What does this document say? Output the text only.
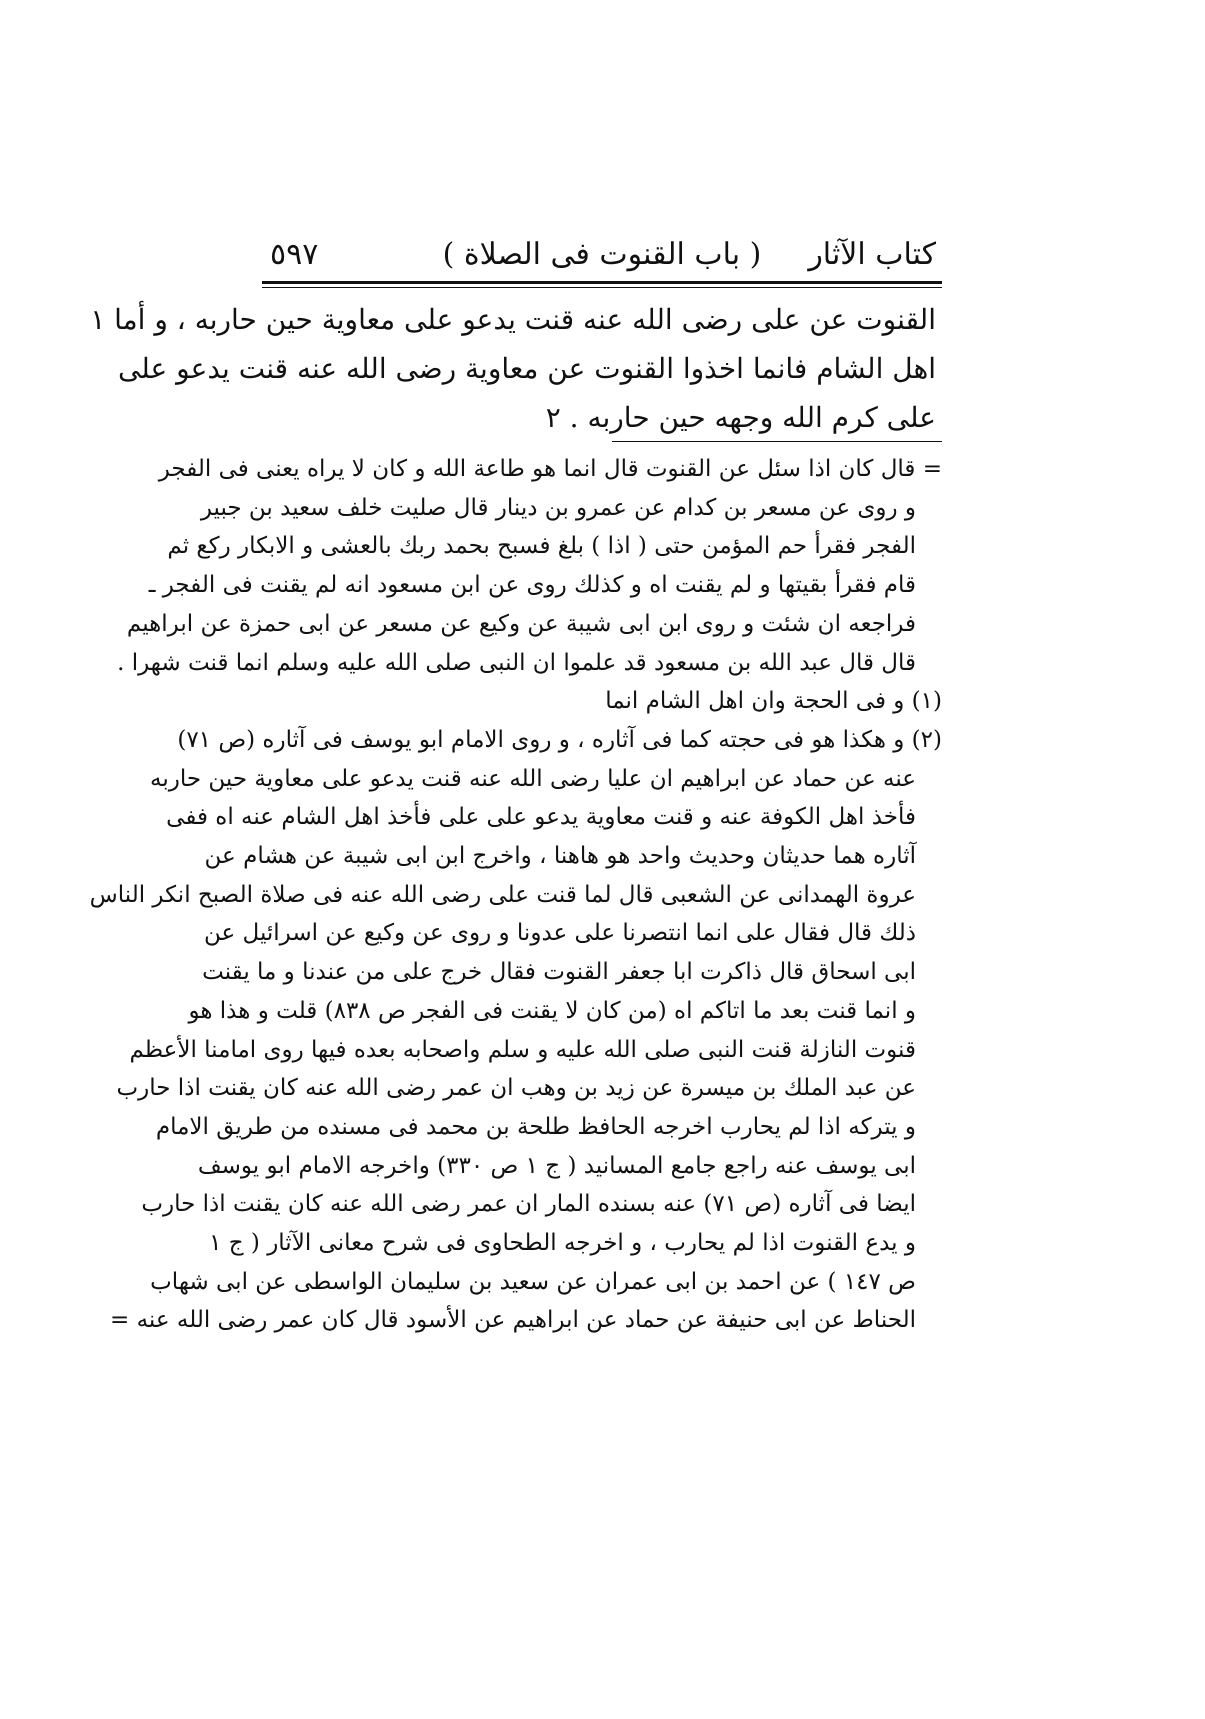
كتاب الآثار
( باب القنوت فى الصلاة )
٥٩٧
القنوت عن على رضى الله عنه قنت يدعو على معاوية حين حاربه ، و أما ١
اهل الشام فانما اخذوا القنوت عن معاوية رضى الله عنه قنت يدعو على
على كرم الله وجهه حين حاربه . ٢
= قال كان اذا سئل عن القنوت قال انما هو طاعة الله و كان لا يراه يعنى فى الفجر
و روى عن مسعر بن كدام عن عمرو بن دينار قال صليت خلف سعيد بن جبير
الفجر فقرأ حم المؤمن حتى ( اذا ) بلغ فسبح بحمد ربك بالعشى و الابكار ركع ثم
قام فقرأ بقيتها و لم يقنت اه و كذلك روى عن ابن مسعود انه لم يقنت فى الفجر ـ
فراجعه ان شئت و روى ابن ابى شيبة عن وكيع عن مسعر عن ابى حمزة عن ابراهيم
قال قال عبد الله بن مسعود قد علموا ان النبى صلى الله عليه وسلم انما قنت شهرا .
(١) و فى الحجة وان اهل الشام انما
(٢) و هكذا هو فى حجته كما فى آثاره ، و روى الامام ابو يوسف فى آثاره (ص ٧١)
عنه عن حماد عن ابراهيم ان عليا رضى الله عنه قنت يدعو على معاوية حين حاربه
فأخذ اهل الكوفة عنه و قنت معاوية يدعو على على فأخذ اهل الشام عنه اه ففى
آثاره هما حديثان وحديث واحد هو هاهنا ، واخرج ابن ابى شيبة عن هشام عن
عروة الهمدانى عن الشعبى قال لما قنت على رضى الله عنه فى صلاة الصبح انكر الناس
ذلك قال فقال على انما انتصرنا على عدونا و روى عن وكيع عن اسرائيل عن
ابى اسحاق قال ذاكرت ابا جعفر القنوت فقال خرج على من عندنا و ما يقنت
و انما قنت بعد ما اتاكم اه (من كان لا يقنت فى الفجر ص ٨٣٨) قلت و هذا هو
قنوت النازلة قنت النبى صلى الله عليه و سلم واصحابه بعده فيها روى امامنا الأعظم
عن عبد الملك بن ميسرة عن زيد بن وهب ان عمر رضى الله عنه كان يقنت اذا حارب
و يتركه اذا لم يحارب اخرجه الحافظ طلحة بن محمد فى مسنده من طريق الامام
ابى يوسف عنه راجع جامع المسانيد ( ج ١ ص ٣٣٠) واخرجه الامام ابو يوسف
ايضا فى آثاره (ص ٧١) عنه بسنده المار ان عمر رضى الله عنه كان يقنت اذا حارب
و يدع القنوت اذا لم يحارب ، و اخرجه الطحاوى فى شرح معانى الآثار ( ج ١
ص ١٤٧ ) عن احمد بن ابى عمران عن سعيد بن سليمان الواسطى عن ابى شهاب
الحناط عن ابى حنيفة عن حماد عن ابراهيم عن الأسود قال كان عمر رضى الله عنه =
